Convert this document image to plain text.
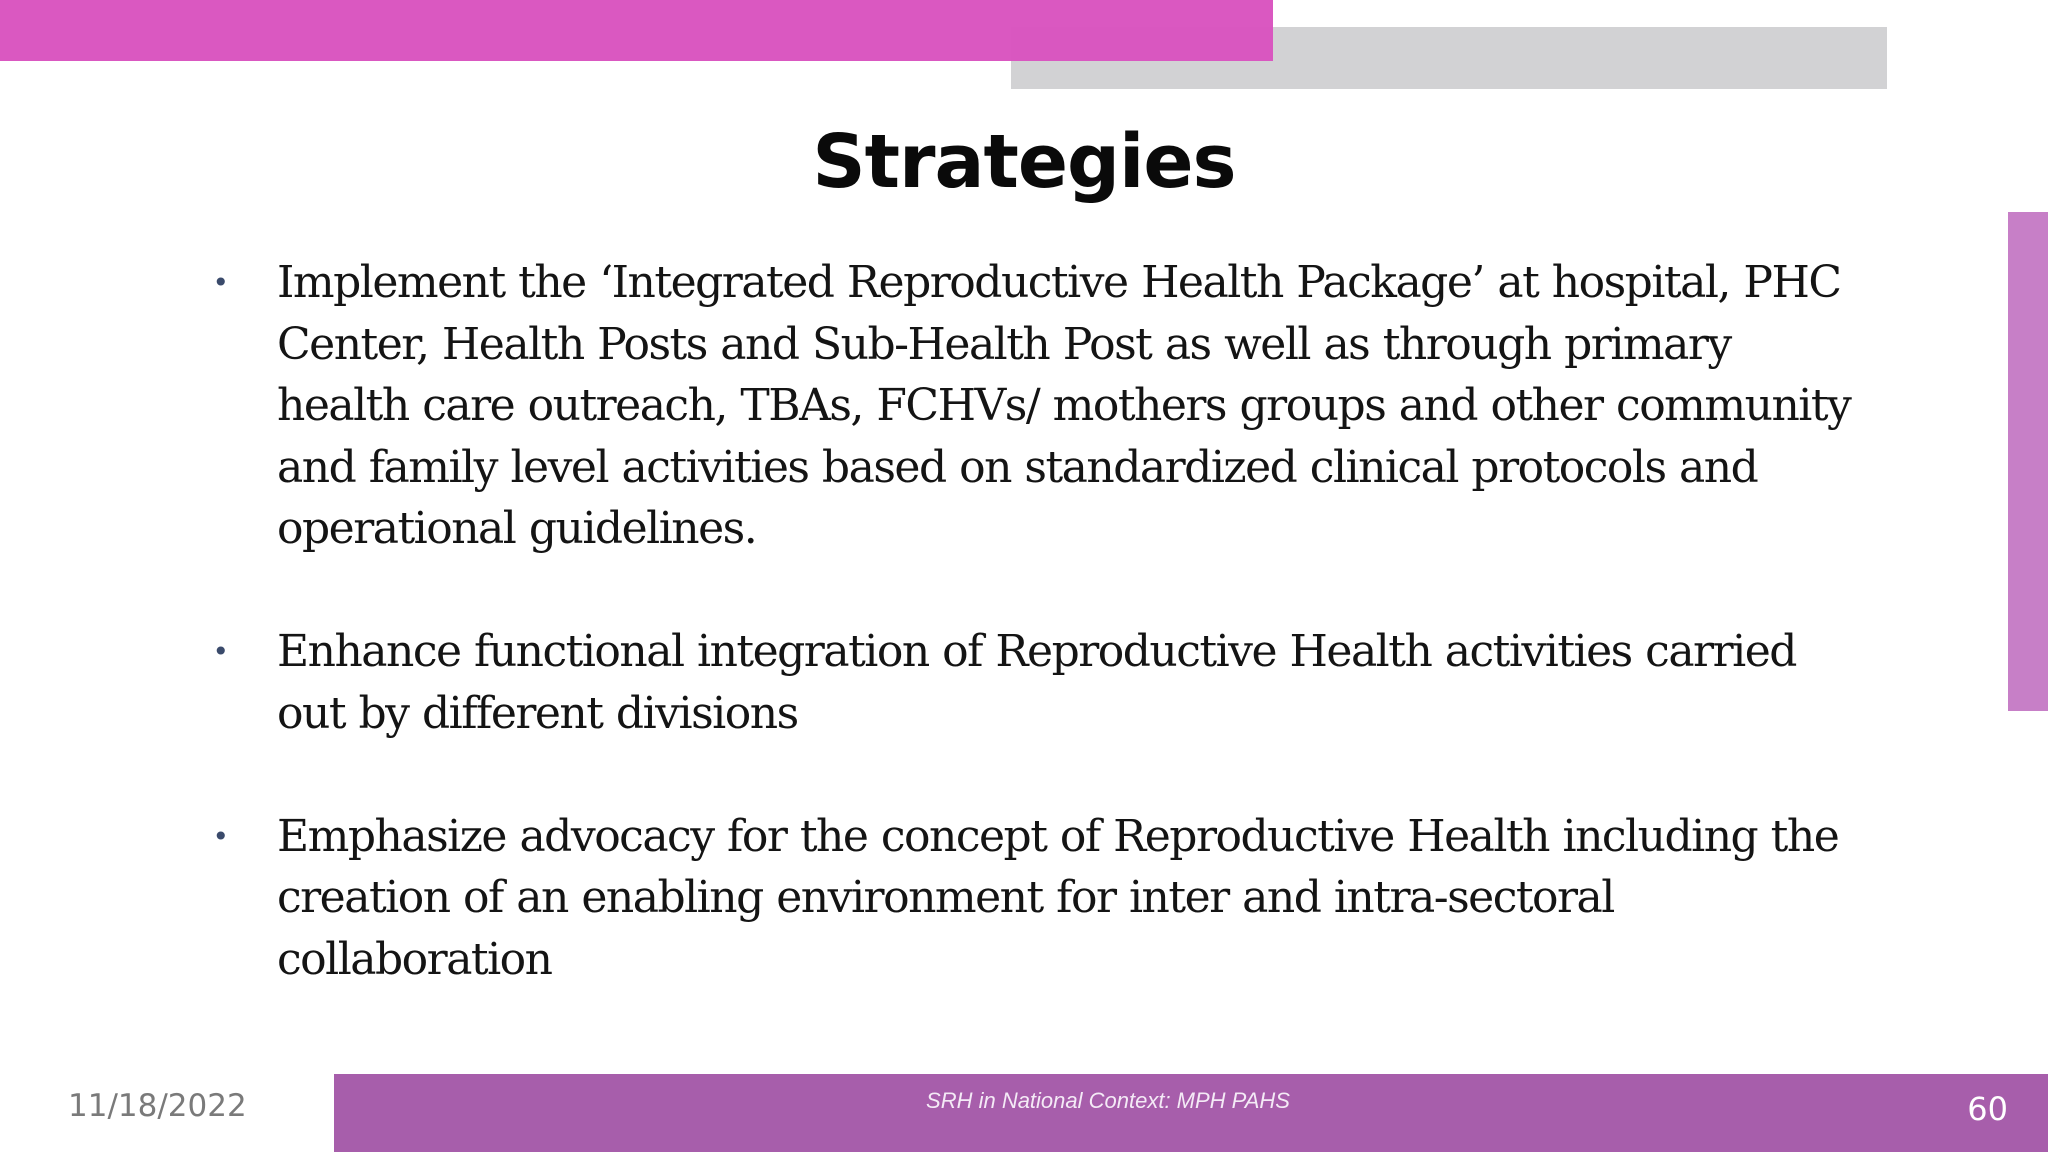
Strategies
• Implement the ‘Integrated Reproductive Health Package’ at hospital, PHC Center, Health Posts and Sub-Health Post as well as through primary health care outreach, TBAs, FCHVs/ mothers groups and other community and family level activities based on standardized clinical protocols and operational guidelines.
• Enhance functional integration of Reproductive Health activities carried out by different divisions
• Emphasize advocacy for the concept of Reproductive Health including the creation of an enabling environment for inter and intra-sectoral collaboration
11/18/2022	SRH in National Context: MPH PAHS	60
